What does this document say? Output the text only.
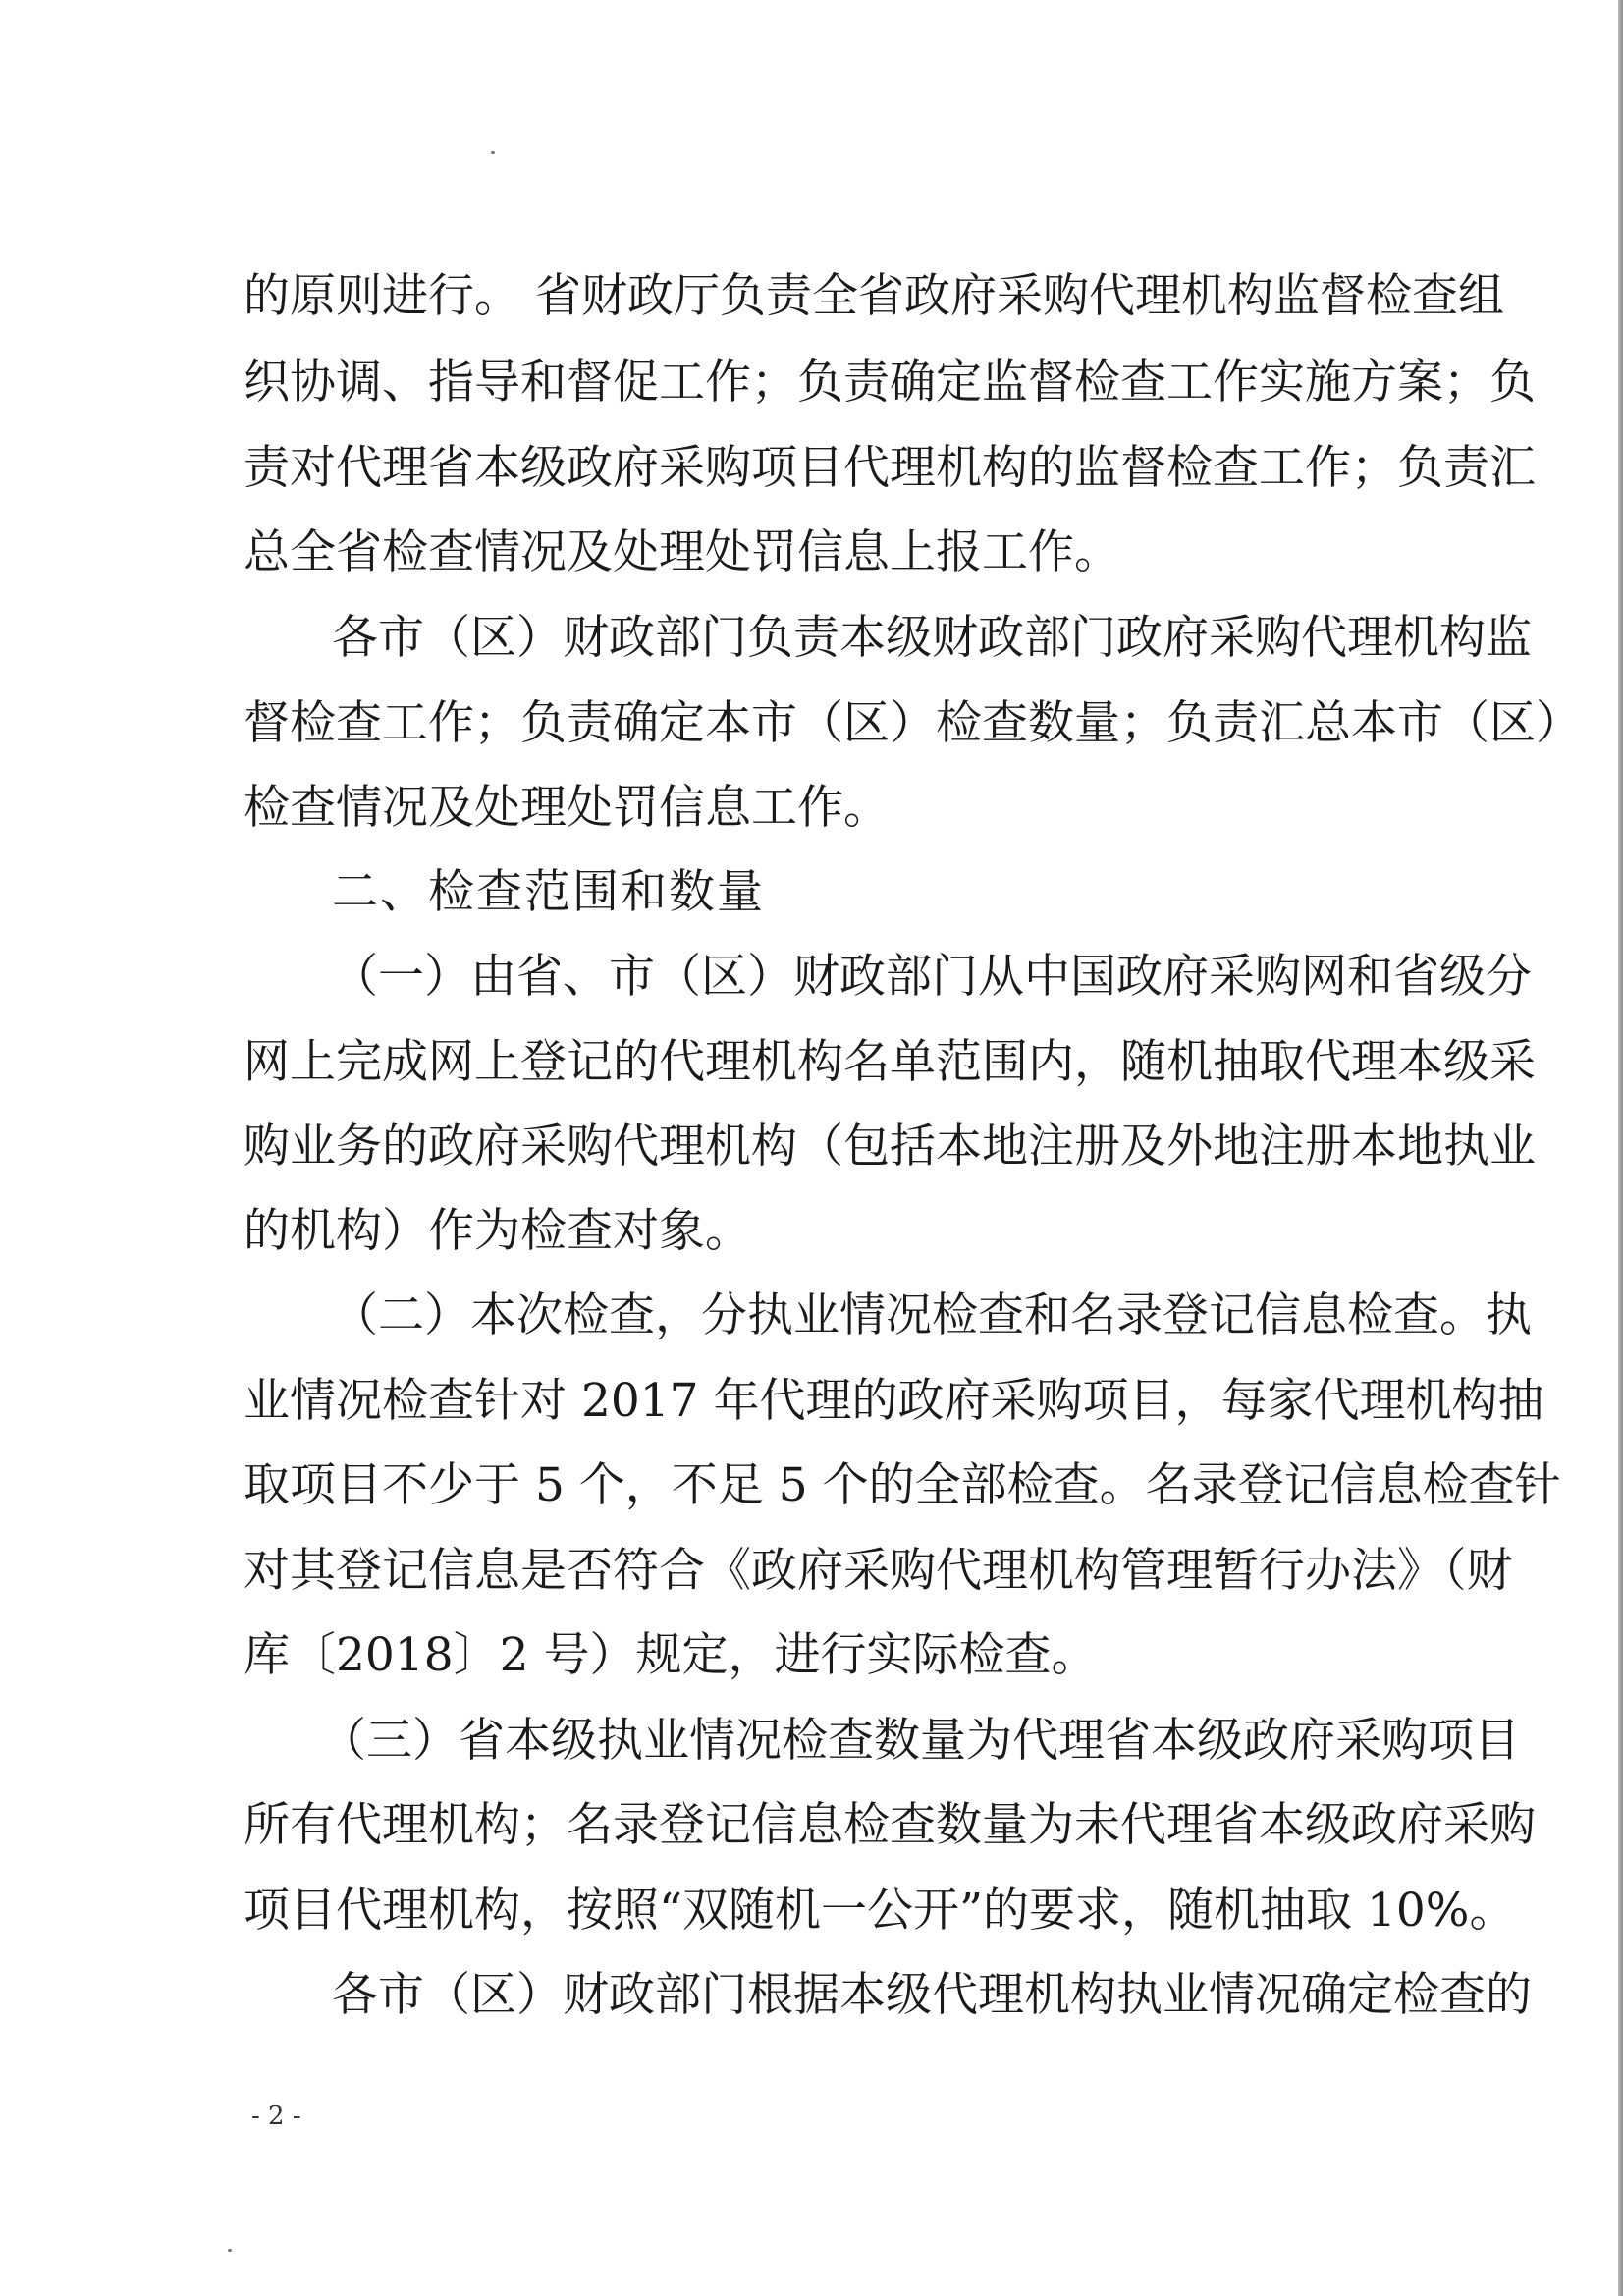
的原则进行。 省财政厅负责全省政府采购代理机构监督检查组
织协调、指导和督促工作；负责确定监督检查工作实施方案；负
责对代理省本级政府采购项目代理机构的监督检查工作；负责汇
总全省检查情况及处理处罚信息上报工作。
各市（区）财政部门负责本级财政部门政府采购代理机构监
督检查工作；负责确定本市（区）检查数量；负责汇总本市（区）
检查情况及处理处罚信息工作。
二、检查范围和数量
（一）由省、市（区）财政部门从中国政府采购网和省级分
网上完成网上登记的代理机构名单范围内，随机抽取代理本级采
购业务的政府采购代理机构（包括本地注册及外地注册本地执业
的机构）作为检查对象。
（二）本次检查，分执业情况检查和名录登记信息检查。执
业情况检查针对 2017 年代理的政府采购项目，每家代理机构抽
取项目不少于 5 个，不足 5 个的全部检查。名录登记信息检查针
对其登记信息是否符合《政府采购代理机构管理暂行办法》（财
库〔2018〕2 号）规定，进行实际检查。
（三）省本级执业情况检查数量为代理省本级政府采购项目
所有代理机构；名录登记信息检查数量为未代理省本级政府采购
项目代理机构，按照“双随机一公开”的要求，随机抽取 10%。
各市（区）财政部门根据本级代理机构执业情况确定检查的
- 2 -
